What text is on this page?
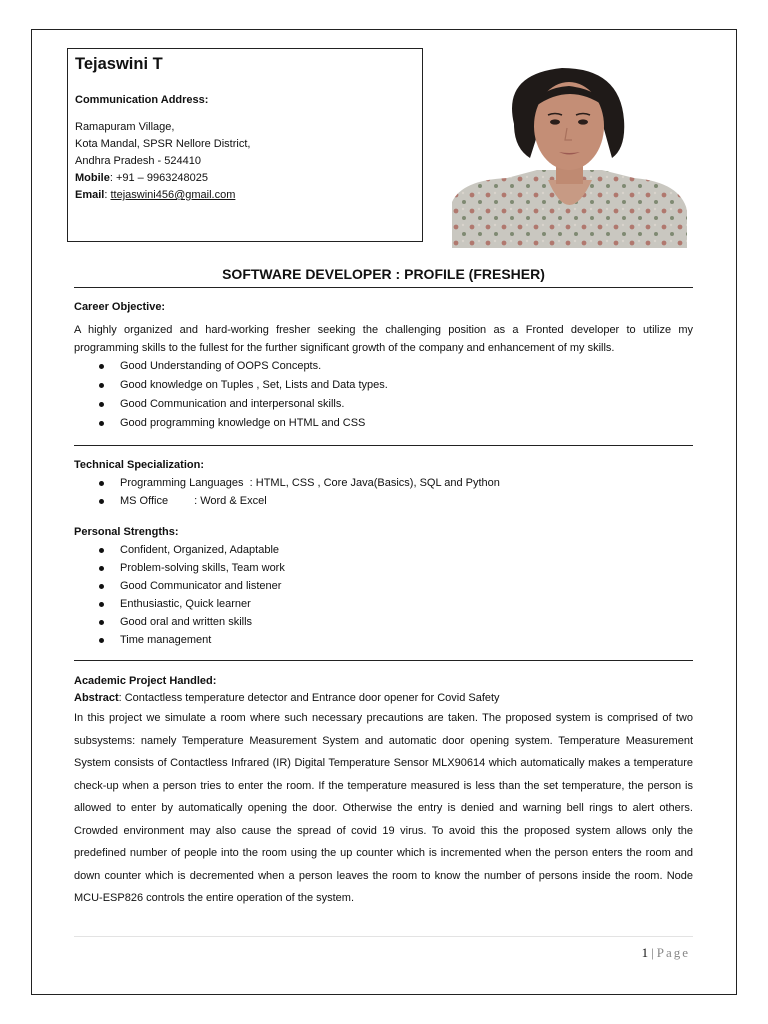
Tejaswini T
Communication Address:
Ramapuram Village,
Kota Mandal, SPSR Nellore District,
Andhra Pradesh - 524410
Mobile: +91 – 9963248025
Email: ttejaswini456@gmail.com
SOFTWARE DEVELOPER : PROFILE (FRESHER)
Career Objective:

A highly organized and hard-working fresher seeking the challenging position as a Fronted developer to utilize my

programming skills to the fullest for the further significant growth of the company and enhancement of my skills.

Good Understanding of OOPS Concepts.
Good knowledge on Tuples , Set, Lists and Data types.
Good Communication and interpersonal skills.
Good programming knowledge on HTML and CSS
Technical Specialization:
Programming Languages : HTML, CSS , Core Java(Basics), SQL and Python
MS Office : Word & Excel
Personal Strengths:
Confident, Organized, Adaptable
Problem-solving skills, Team work
Good Communicator and listener
Enthusiastic, Quick learner
Good oral and written skills
Time management
Academic Project Handled:

Abstract: Contactless temperature detector and Entrance door opener for Covid Safety

In this project we simulate a room where such necessary precautions are taken. The proposed system is comprised of two subsystems: namely Temperature Measurement System and automatic door opening system. Temperature Measurement System consists of Contactless Infrared (IR) Digital Temperature Sensor MLX90614 which automatically makes a temperature check-up when a person tries to enter the room. If the temperature measured is less than the set temperature, the person is allowed to enter by automatically opening the door. Otherwise the entry is denied and warning bell rings to alert others. Crowded environment may also cause the spread of covid 19 virus. To avoid this the proposed system allows only the predefined number of people into the room using the up counter which is incremented when the person enters the room and down counter which is decremented when a person leaves the room to know the number of persons inside the room. Node MCU-ESP826 controls the entire operation of the system.

1 | Page
